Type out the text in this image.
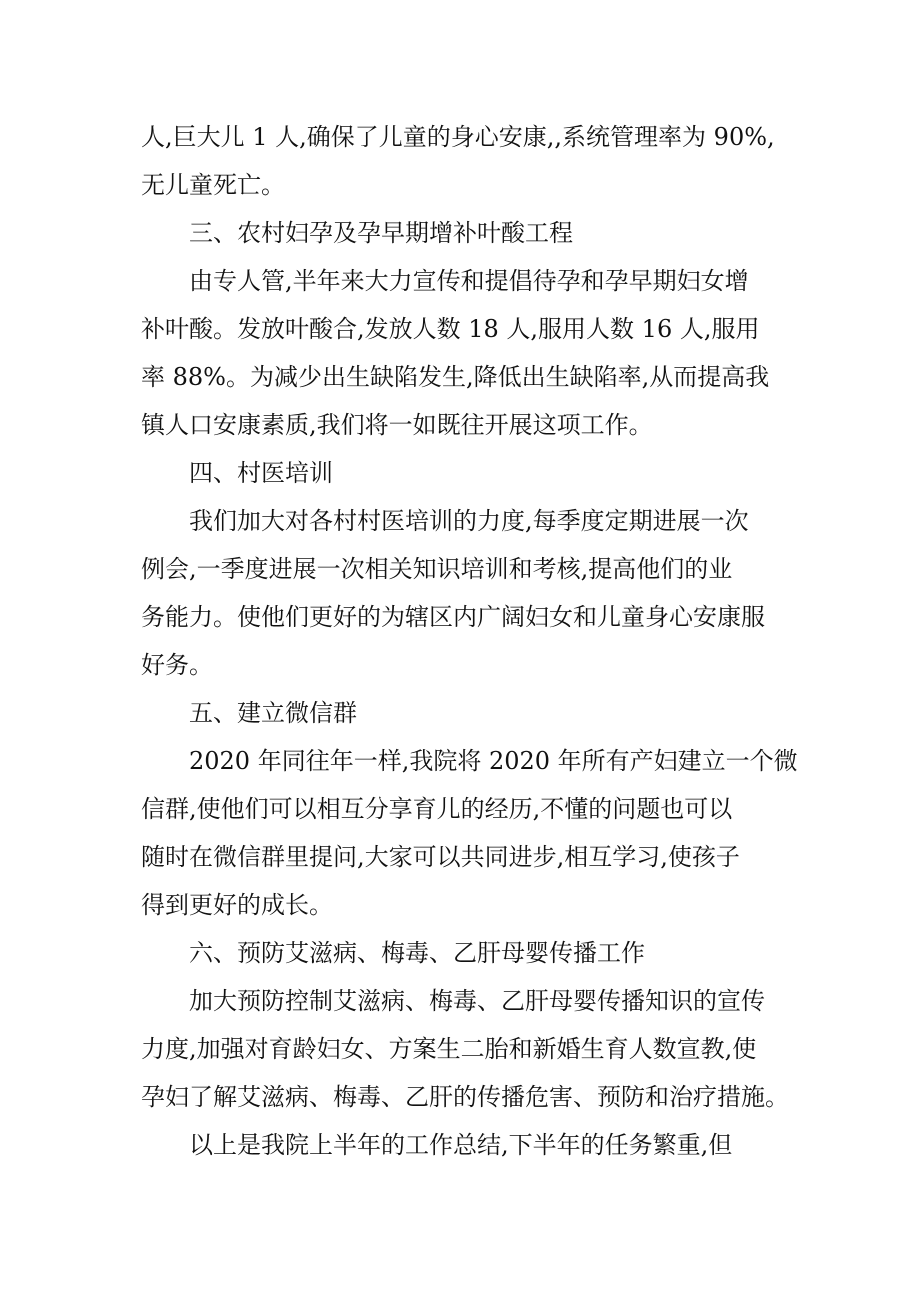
人,巨大儿 1 人,确保了儿童的身心安康,,系统管理率为 90%,
无儿童死亡。
三、农村妇孕及孕早期增补叶酸工程
由专人管,半年来大力宣传和提倡待孕和孕早期妇女增
补叶酸。发放叶酸合,发放人数 18 人,服用人数 16 人,服用
率 88%。为减少出生缺陷发生,降低出生缺陷率,从而提高我
镇人口安康素质,我们将一如既往开展这项工作。
四、村医培训
我们加大对各村村医培训的力度,每季度定期进展一次
例会,一季度进展一次相关知识培训和考核,提高他们的业
务能力。使他们更好的为辖区内广阔妇女和儿童身心安康服
好务。
五、建立微信群
2020 年同往年一样,我院将 2020 年所有产妇建立一个微
信群,使他们可以相互分享育儿的经历,不懂的问题也可以
随时在微信群里提问,大家可以共同进步,相互学习,使孩子
得到更好的成长。
六、预防艾滋病、梅毒、乙肝母婴传播工作
加大预防控制艾滋病、梅毒、乙肝母婴传播知识的宣传
力度,加强对育龄妇女、方案生二胎和新婚生育人数宣教,使
孕妇了解艾滋病、梅毒、乙肝的传播危害、预防和治疗措施。
以上是我院上半年的工作总结,下半年的任务繁重,但
